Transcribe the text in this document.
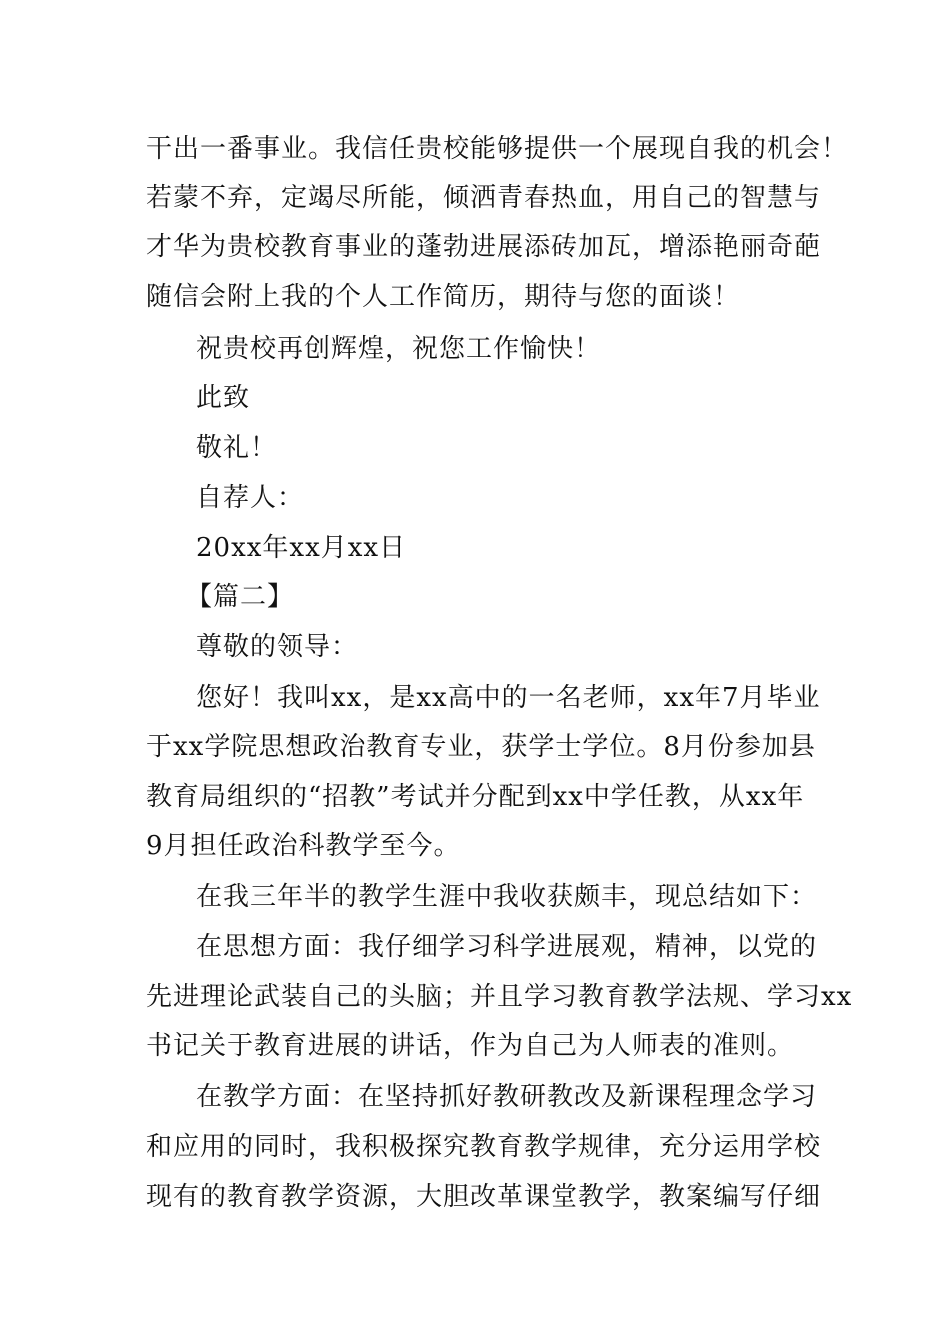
干出一番事业。我信任贵校能够提供一个展现自我的机会！
若蒙不弃，定竭尽所能，倾洒青春热血，用自己的智慧与
才华为贵校教育事业的蓬勃进展添砖加瓦，增添艳丽奇葩
随信会附上我的个人工作简历，期待与您的面谈！
祝贵校再创辉煌，祝您工作愉快！
此致
敬礼！
自荐人：
20xx年xx月xx日
【篇二】
尊敬的领导：
您好！我叫xx，是xx高中的一名老师，xx年7月毕业
于xx学院思想政治教育专业，获学士学位。8月份参加县
教育局组织的“招教”考试并分配到xx中学任教，从xx年
9月担任政治科教学至今。
在我三年半的教学生涯中我收获颇丰，现总结如下：
在思想方面：我仔细学习科学进展观，精神，以党的
先进理论武装自己的头脑；并且学习教育教学法规、学习xx
书记关于教育进展的讲话，作为自己为人师表的准则。
在教学方面：在坚持抓好教研教改及新课程理念学习
和应用的同时，我积极探究教育教学规律，充分运用学校
现有的教育教学资源，大胆改革课堂教学，教案编写仔细
